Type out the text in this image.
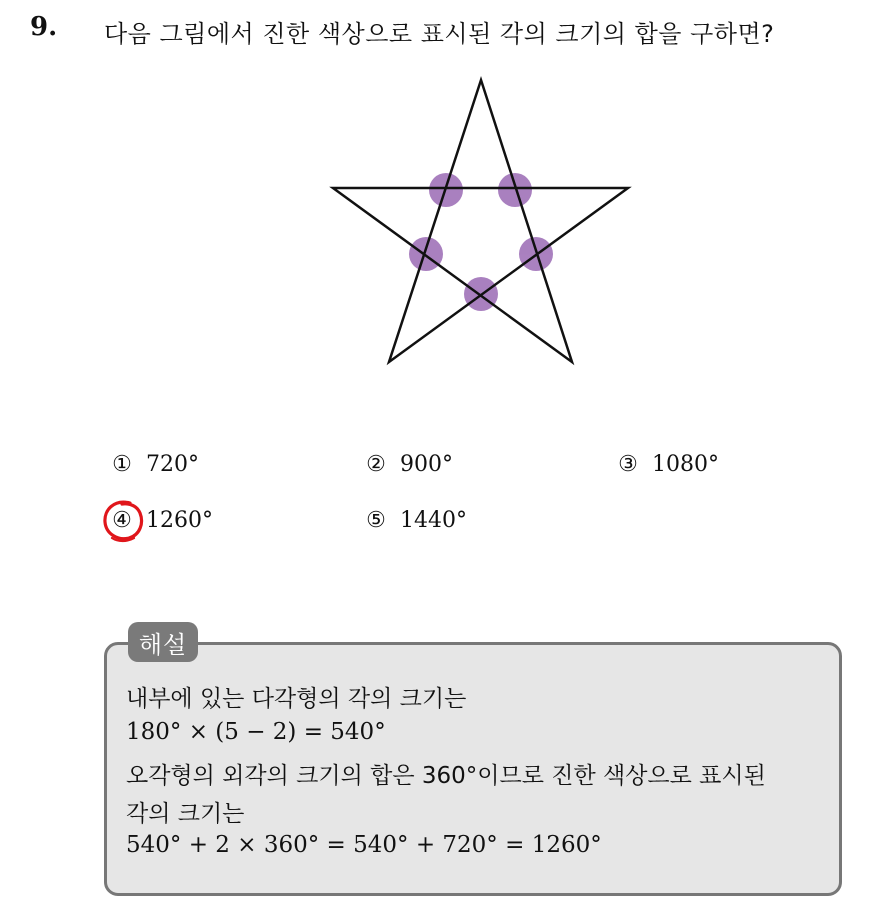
9. 다음 그림에서 진한 색상으로 표시된 각의 크기의 합을 구하면?
① 720°	② 900°	③ 1080°
④ 1260°	⑤ 1440°
해설
내부에 있는 다각형의 각의 크기는
180° × (5 − 2) = 540°
오각형의 외각의 크기의 합은 360°이므로 진한 색상으로 표시된
각의 크기는
540° + 2 × 360° = 540° + 720° = 1260°
